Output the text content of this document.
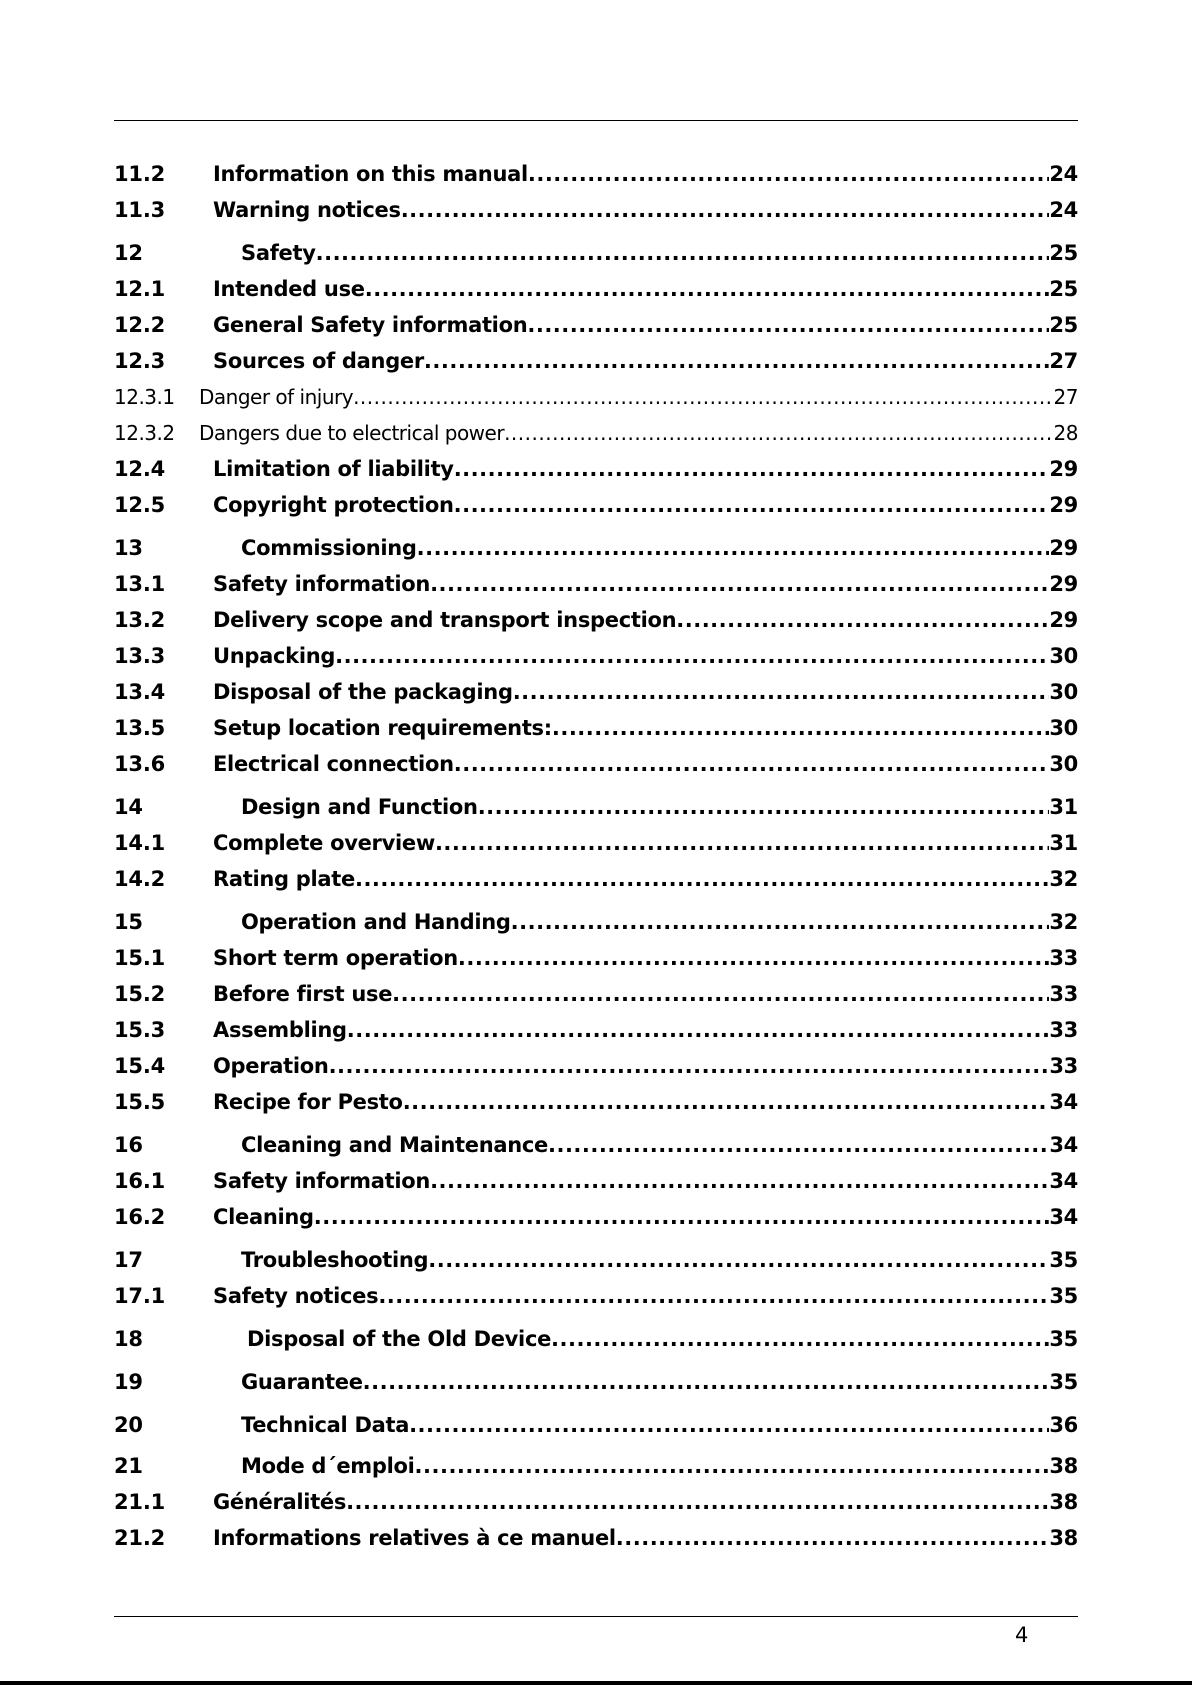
11.2 Information on this manual .....	24
11.3 Warning notices .....	24
12	Safety .....	25
12.1 Intended use .....	25
12.2 General Safety information .....	25
12.3 Sources of danger .....	27
12.3.1 Danger of injury .....	27
12.3.2 Dangers due to electrical power .....	28
12.4 Limitation of liability .....	29
12.5 Copyright protection .....	29
13	Commissioning .....	29
13.1 Safety information .....	29
13.2 Delivery scope and transport inspection .....	29
13.3 Unpacking .....	30
13.4 Disposal of the packaging .....	30
13.5 Setup location requirements: .....	30
13.6 Electrical connection .....	30
14	Design and Function .....	31
14.1 Complete overview .....	31
14.2 Rating plate .....	32
15	Operation and Handing .....	32
15.1 Short term operation .....	33
15.2 Before first use .....	33
15.3 Assembling .....	33
15.4 Operation .....	33
15.5 Recipe for Pesto .....	34
16	Cleaning and Maintenance .....	34
16.1 Safety information .....	34
16.2 Cleaning .....	34
17	Troubleshooting .....	35
17.1 Safety notices .....	35
18	Disposal of the Old Device .....	35
19	Guarantee .....	35
20	Technical Data .....	36
21	Mode d´emploi .....	38
21.1 Généralités .....	38
21.2 Informations relatives à ce manuel .....	38
4
